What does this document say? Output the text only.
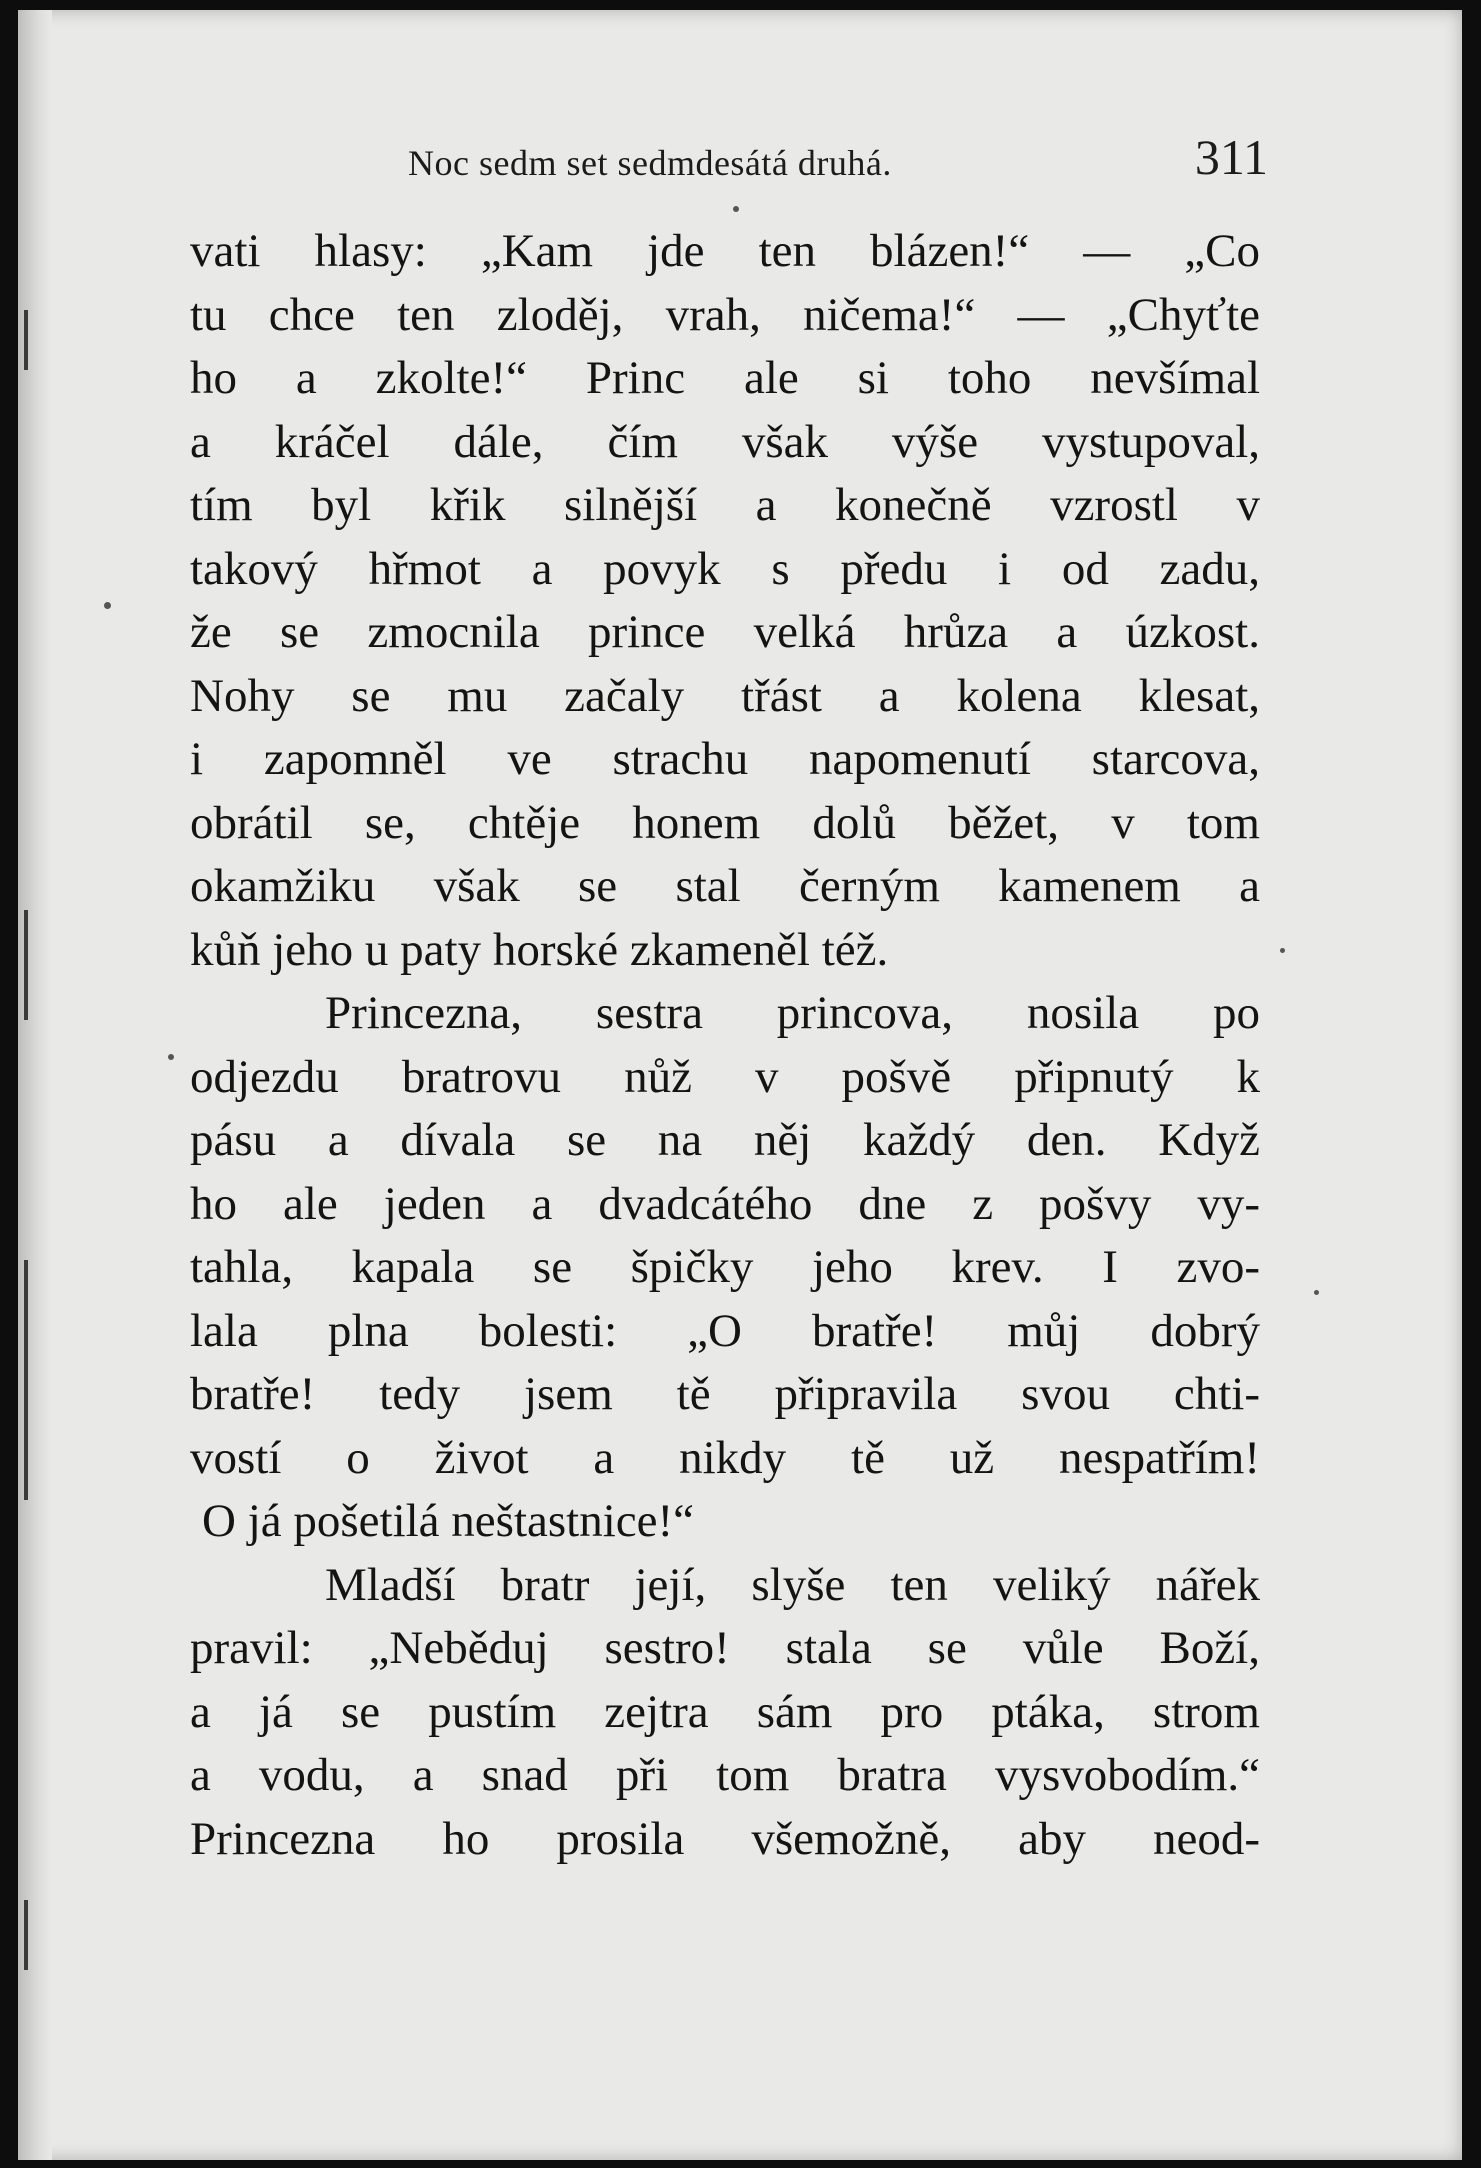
Noc sedm set sedmdesátá druhá.	311
vati hlasy: „Kam jde ten blázen!“ — „Co
tu chce ten zloděj, vrah, ničema!“ — „Chyťte
ho a zkolte!“ Princ ale si toho nevšímal
a kráčel dále, čím však výše vystupoval,
tím byl křik silnější a konečně vzrostl v
takový hřmot a povyk s předu i od zadu,
že se zmocnila prince velká hrůza a úzkost.
Nohy se mu začaly třást a kolena klesat,
i zapomněl ve strachu napomenutí starcova,
obrátil se, chtěje honem dolů běžet, v tom
okamžiku však se stal černým kamenem a
kůň jeho u paty horské zkameněl též.
Princezna, sestra princova, nosila po
odjezdu bratrovu nůž v pošvě připnutý k
pásu a dívala se na něj každý den. Když
ho ale jeden a dvadcátého dne z pošvy vy-
tahla, kapala se špičky jeho krev. I zvo-
lala plna bolesti: „O bratře! můj dobrý
bratře! tedy jsem tě připravila svou chti-
vostí o život a nikdy tě už nespatřím!
O já pošetilá neštastnice!“
Mladší bratr její, slyše ten veliký nářek
pravil: „Neběduj sestro! stala se vůle Boží,
a já se pustím zejtra sám pro ptáka, strom
a vodu, a snad při tom bratra vysvobodím.“
Princezna ho prosila všemožně, aby neod-
